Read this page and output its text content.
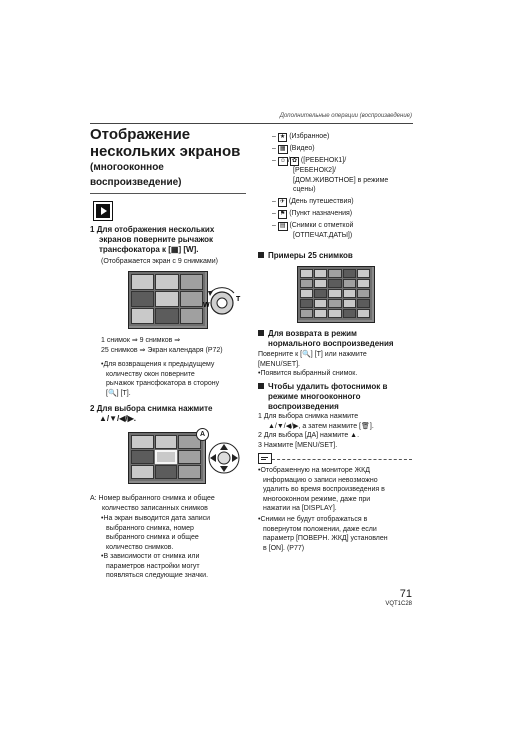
Дополнительные операции (воспроизведение)
Отображение
нескольких экранов
(многооконное
воспроизведение)
1 Для отображения нескольких
экранов поверните рычажок
трансфокатора к [▦] [W].
(Отображается экран с 9 снимками)
W
T
1 снимок ⇒ 9 снимков ⇒
25 снимков ⇒ Экран календаря (P72)
•Для возвращения к предыдущему
количеству окон поверните
рычажок трансфокатора в сторону
[🔍] [T].
2 Для выбора снимка нажмите
▲/▼/◀/▶.
A
A: Номер выбранного снимка и общее
количество записанных снимков
•На экран выводится дата записи
выбранного снимка, номер
выбранного снимка и общее
количество снимков.
•В зависимости от снимка или
параметров настройки могут
появляться следующие значки.
– ★ (Избранное)
– ▦ (Видео)
– ☺ ✿ ([РЕБЕНОК1]/
[РЕБЕНОК2]/
[ДОМ.ЖИВОТНОЕ] в режиме
сцены)
– ✈ (День путешествия)
– ⚑ (Пункт назначения)
– ▤ (Снимки с отметкой
[ОТПЕЧАТ.ДАТЫ])
Примеры 25 снимков
Для возврата в режим
нормального воспроизведения
Поверните к [🔍] [T] или нажмите
[MENU/SET].
•Появится выбранный снимок.
Чтобы удалить фотоснимок в
режиме многооконного
воспроизведения
1 Для выбора снимка нажмите
▲/▼/◀/▶, а затем нажмите [🗑].
2 Для выбора [ДА] нажмите ▲.
3 Нажмите [MENU/SET].
•Отображенную на мониторе ЖКД
информацию о записи невозможно
удалить во время воспроизведения в
многооконном режиме, даже при
нажатии на [DISPLAY].
•Снимки не будут отображаться в
повернутом положении, даже если
параметр [ПОВЕРН. ЖКД] установлен
в [ON]. (P77)
71
VQT1C28
